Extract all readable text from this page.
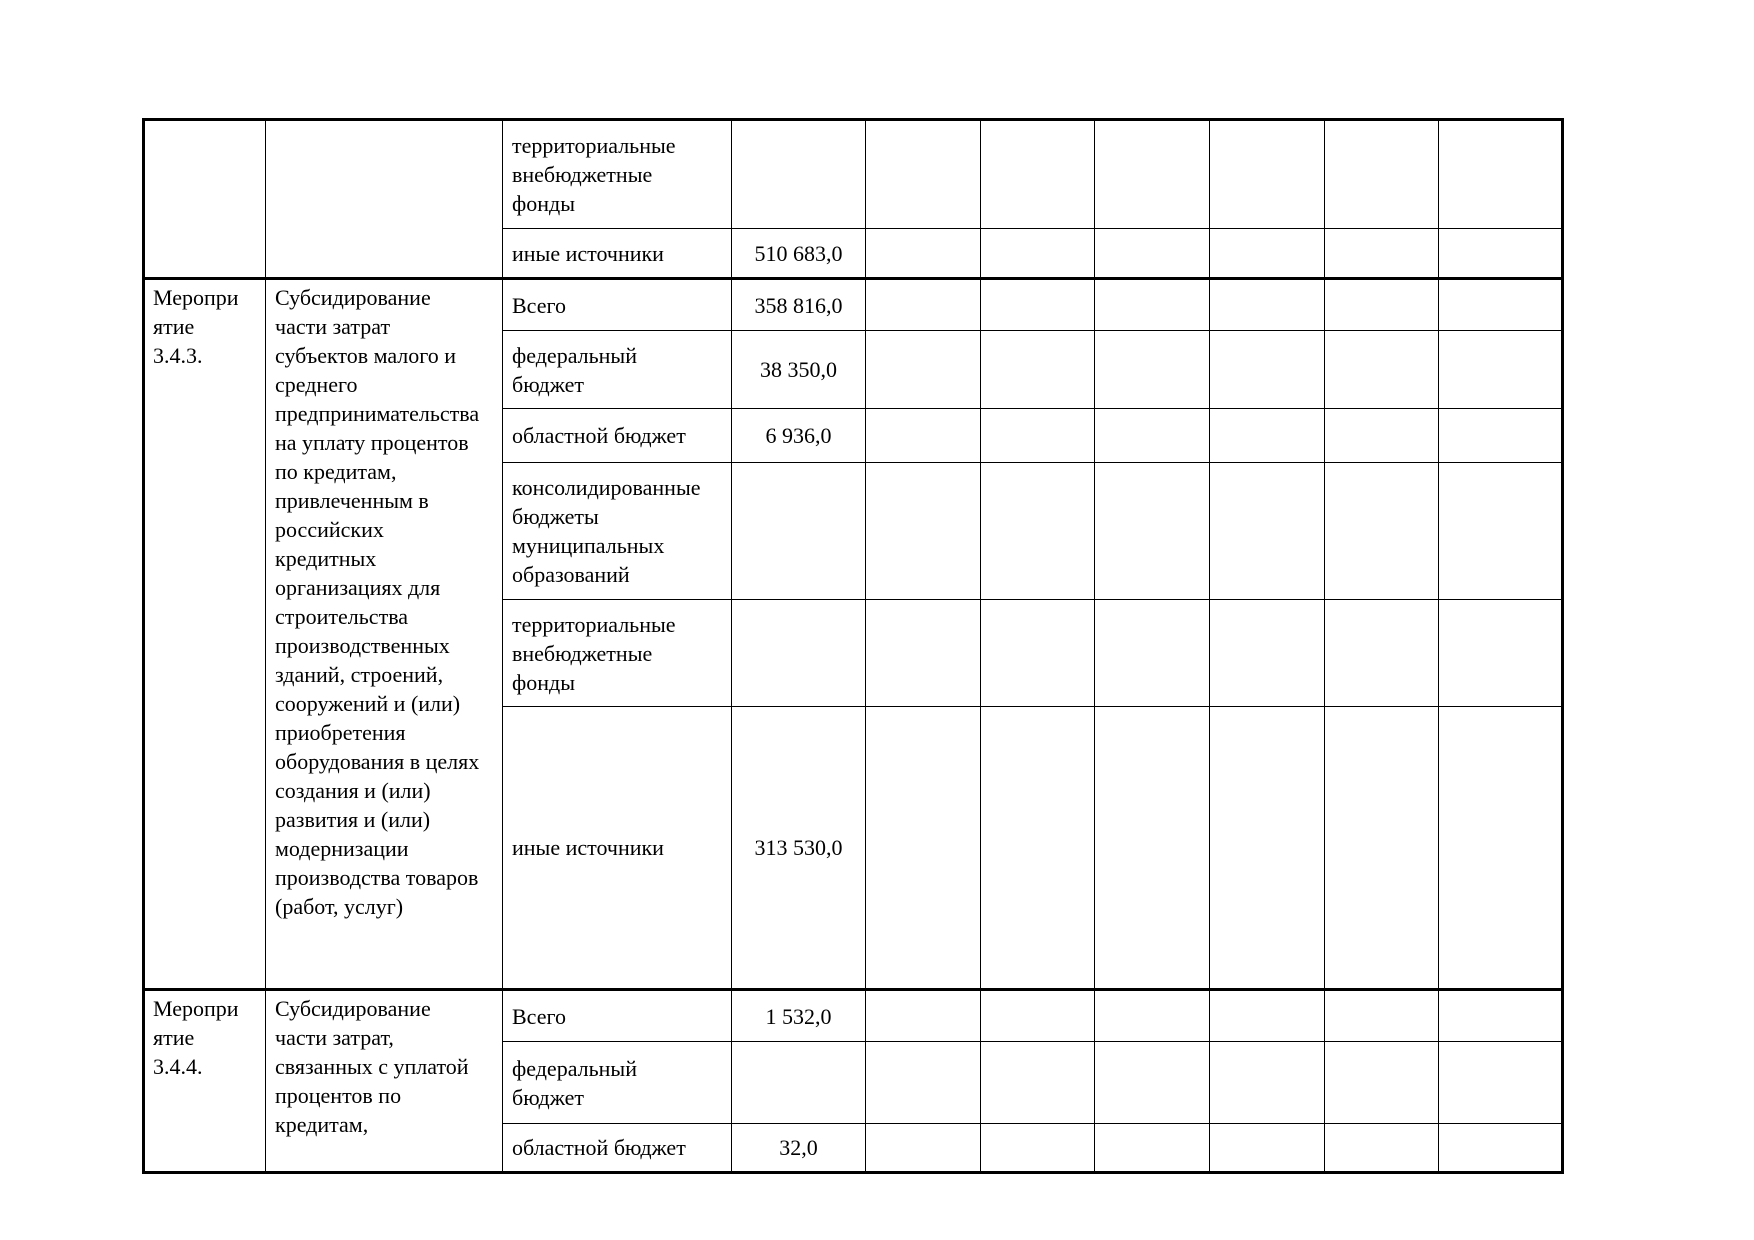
		территориальные внебюджетные фонды							

		иные источники	510 683,0						

Мероприятие 3.4.3.	Субсидирование части затрат субъектов малого и среднего предпринимательства на уплату процентов по кредитам, привлеченным в российских кредитных организациях для строительства производственных зданий, строений, сооружений и (или) приобретения оборудования в целях создания и (или) развития и (или) модернизации производства товаров (работ, услуг)	Всего	358 816,0						

		федеральный бюджет	38 350,0						

		областной бюджет	6 936,0						

		консолидированные бюджеты муниципальных образований							

		территориальные внебюджетные фонды							

		иные источники	313 530,0						

Мероприятие 3.4.4.	Субсидирование части затрат, связанных с уплатой процентов по кредитам,	Всего	1 532,0						

		федеральный бюджет							

		областной бюджет	32,0						
